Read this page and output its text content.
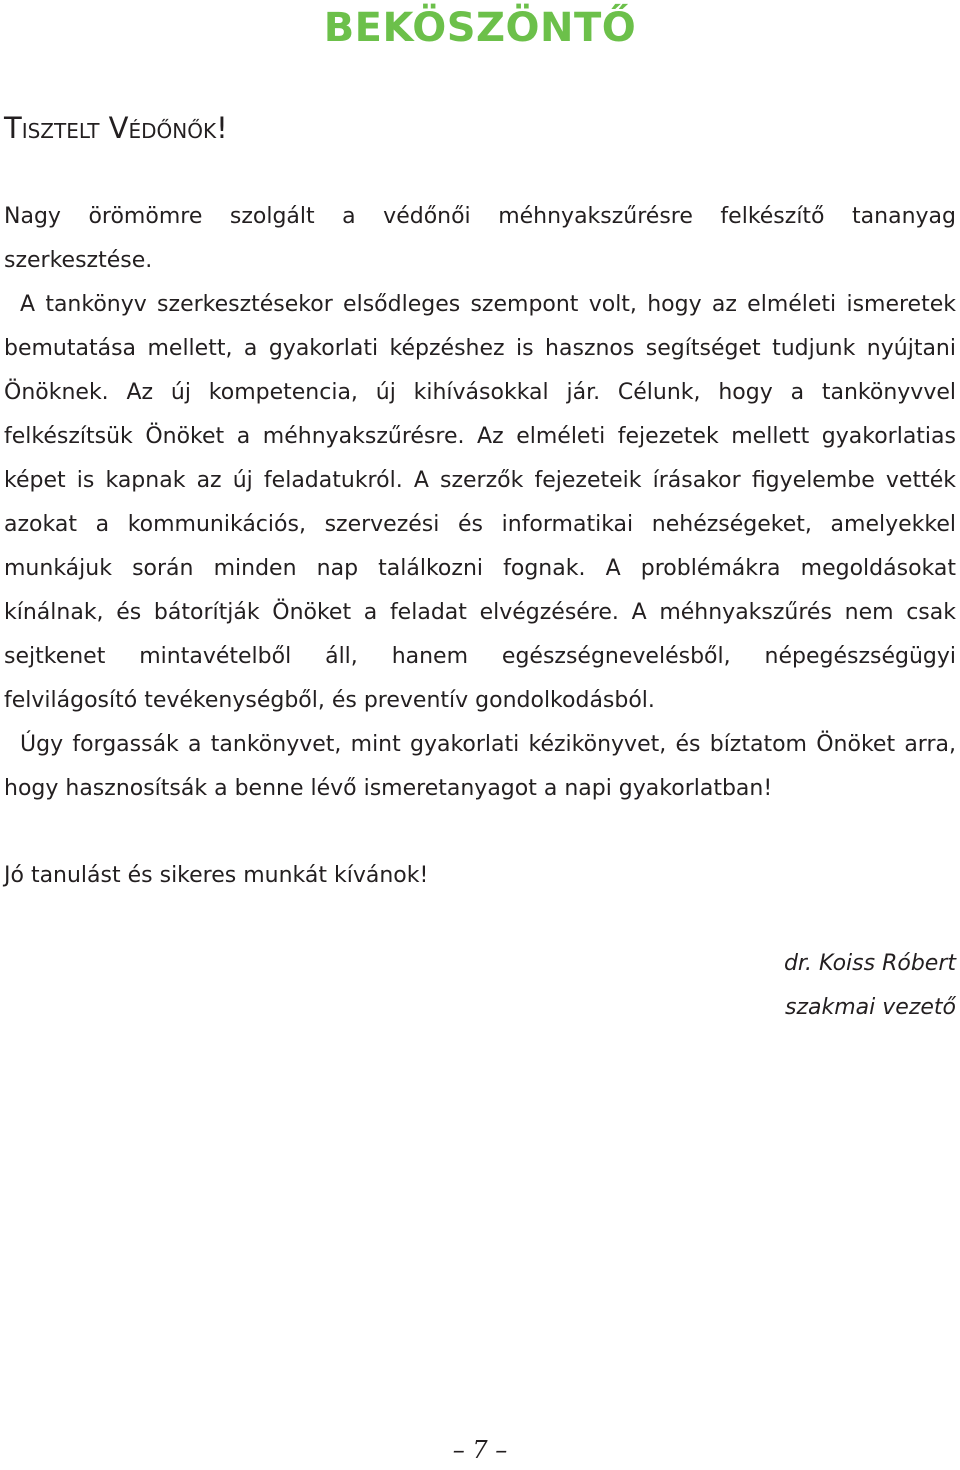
BEKÖSZÖNTŐ
Tisztelt Védőnők!

Nagy örömömre szolgált a védőnői méhnyakszűrésre felkészítő tananyag szerkesztése.

A tankönyv szerkesztésekor elsődleges szempont volt, hogy az elméleti ismeretek bemutatása mellett, a gyakorlati képzéshez is hasznos segítséget tudjunk nyújtani Önöknek. Az új kompetencia, új kihívásokkal jár. Célunk, hogy a tankönyvvel felkészítsük Önöket a méhnyakszűrésre. Az elméleti fejezetek mellett gyakorlatias képet is kapnak az új feladatukról. A szerzők fejezeteik írásakor figyelembe vették azokat a kommunikációs, szervezési és informatikai nehézségeket, amelyekkel munkájuk során minden nap találkozni fognak. A problémákra megoldásokat kínálnak, és bátorítják Önöket a feladat elvégzésére. A méhnyakszűrés nem csak sejtkenet mintavételből áll, hanem egészségnevelésből, népegészségügyi felvilágosító tevékenységből, és preventív gondolkodásból.

Úgy forgassák a tankönyvet, mint gyakorlati kézikönyvet, és bíztatom Önöket arra, hogy hasznosítsák a benne lévő ismeretanyagot a napi gyakorlatban!

Jó tanulást és sikeres munkát kívánok!
dr. Koiss Róbert
szakmai vezető
– 7 –
